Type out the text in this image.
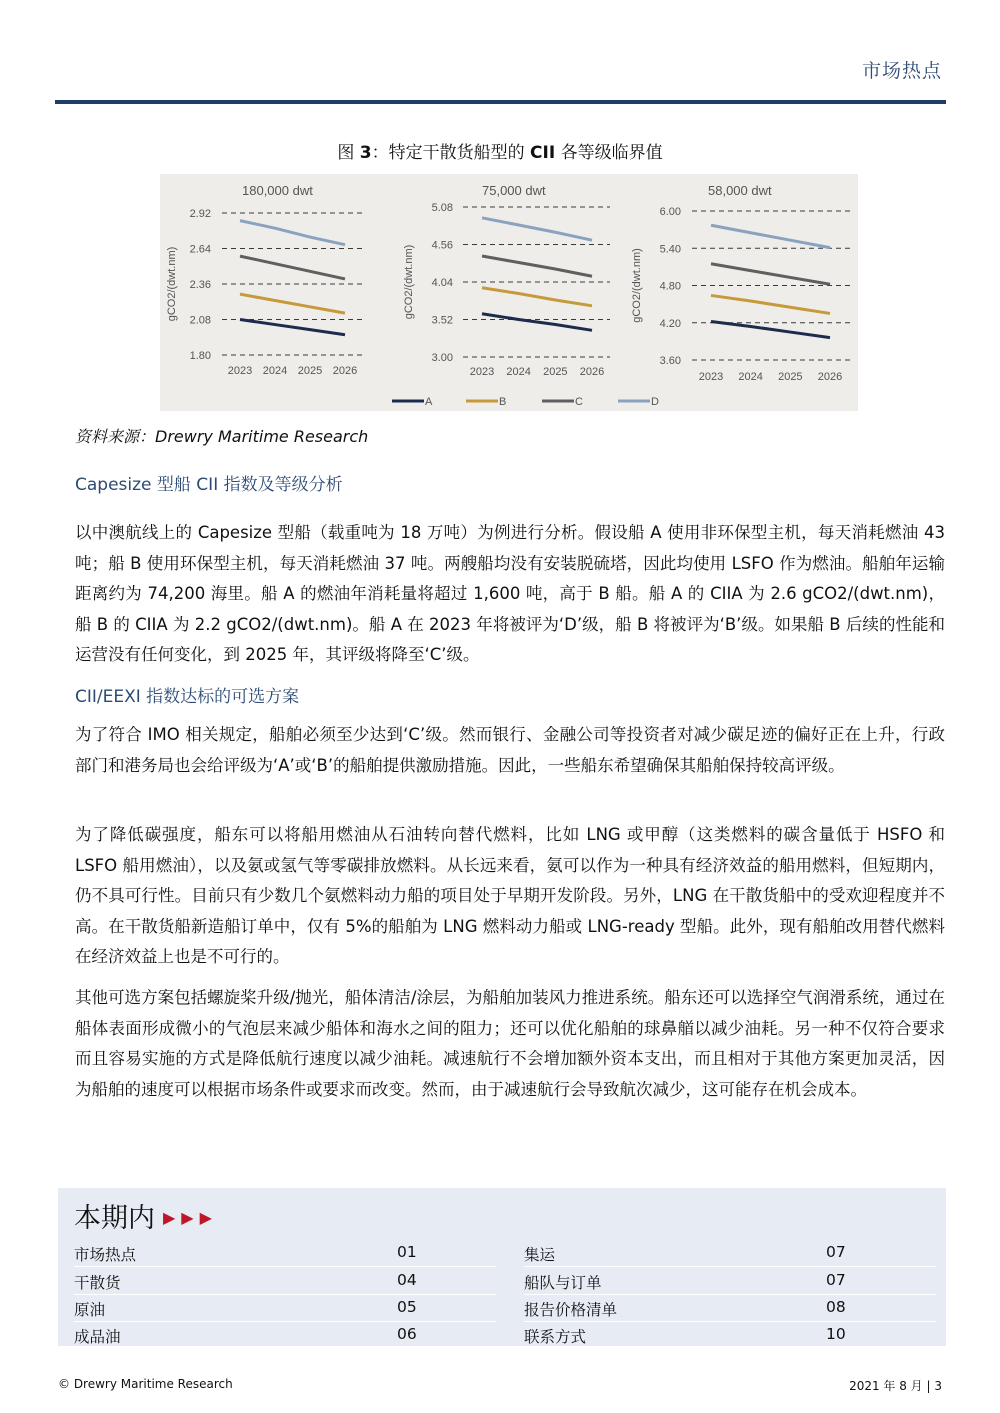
市场热点
图 3：特定干散货船型的 CII 各等级临界值
180,000 dwt
2.92
2.64
2.36
2.08
1.80
gCO2/(dwt.nm)
2023 2024 2025 2026
75,000 dwt
5.08
4.56
4.04
3.52
3.00
gCO2/(dwt.nm)
2023 2024 2025 2026
58,000 dwt
6.00
5.40
4.80
4.20
3.60
gCO2/(dwt.nm)
2023 2024 2025 2026
A	B	C	D
资料来源：Drewry Maritime Research
Capesize 型船 CII 指数及等级分析

以中澳航线上的 Capesize 型船（载重吨为 18 万吨）为例进行分析。假设船 A 使用非环保型主机，每天消耗燃油 43 吨；船 B 使用环保型主机，每天消耗燃油 37 吨。两艘船均没有安装脱硫塔，因此均使用 LSFO 作为燃油。船舶年运输距离约为 74,200 海里。船 A 的燃油年消耗量将超过 1,600 吨，高于 B 船。船 A 的 CIIA 为 2.6 gCO2/(dwt.nm)，船 B 的 CIIA 为 2.2 gCO2/(dwt.nm)。船 A 在 2023 年将被评为‘D’级，船 B 将被评为‘B’级。如果船 B 后续的性能和运营没有任何变化，到 2025 年，其评级将降至‘C’级。

CII/EEXI 指数达标的可选方案

为了符合 IMO 相关规定，船舶必须至少达到‘C’级。然而银行、金融公司等投资者对减少碳足迹的偏好正在上升，行政部门和港务局也会给评级为‘A’或‘B’的船舶提供激励措施。因此，一些船东希望确保其船舶保持较高评级。

为了降低碳强度，船东可以将船用燃油从石油转向替代燃料，比如 LNG 或甲醇（这类燃料的碳含量低于 HSFO 和 LSFO 船用燃油），以及氨或氢气等零碳排放燃料。从长远来看，氨可以作为一种具有经济效益的船用燃料，但短期内，仍不具可行性。目前只有少数几个氨燃料动力船的项目处于早期开发阶段。另外，LNG 在干散货船中的受欢迎程度并不高。在干散货船新造船订单中，仅有 5%的船舶为 LNG 燃料动力船或 LNG-ready 型船。此外，现有船舶改用替代燃料在经济效益上也是不可行的。

其他可选方案包括螺旋桨升级/抛光，船体清洁/涂层，为船舶加装风力推进系统。船东还可以选择空气润滑系统，通过在船体表面形成微小的气泡层来减少船体和海水之间的阻力；还可以优化船舶的球鼻艏以减少油耗。另一种不仅符合要求而且容易实施的方式是降低航行速度以减少油耗。减速航行不会增加额外资本支出，而且相对于其他方案更加灵活，因为船舶的速度可以根据市场条件或要求而改变。然而，由于减速航行会导致航次减少，这可能存在机会成本。

本期内 ▶▶▶
市场热点	01
干散货	04
原油	05
成品油	06
集运	07
船队与订单	07
报告价格清单	08
联系方式	10
© Drewry Maritime Research	2021 年 8 月 | 3
